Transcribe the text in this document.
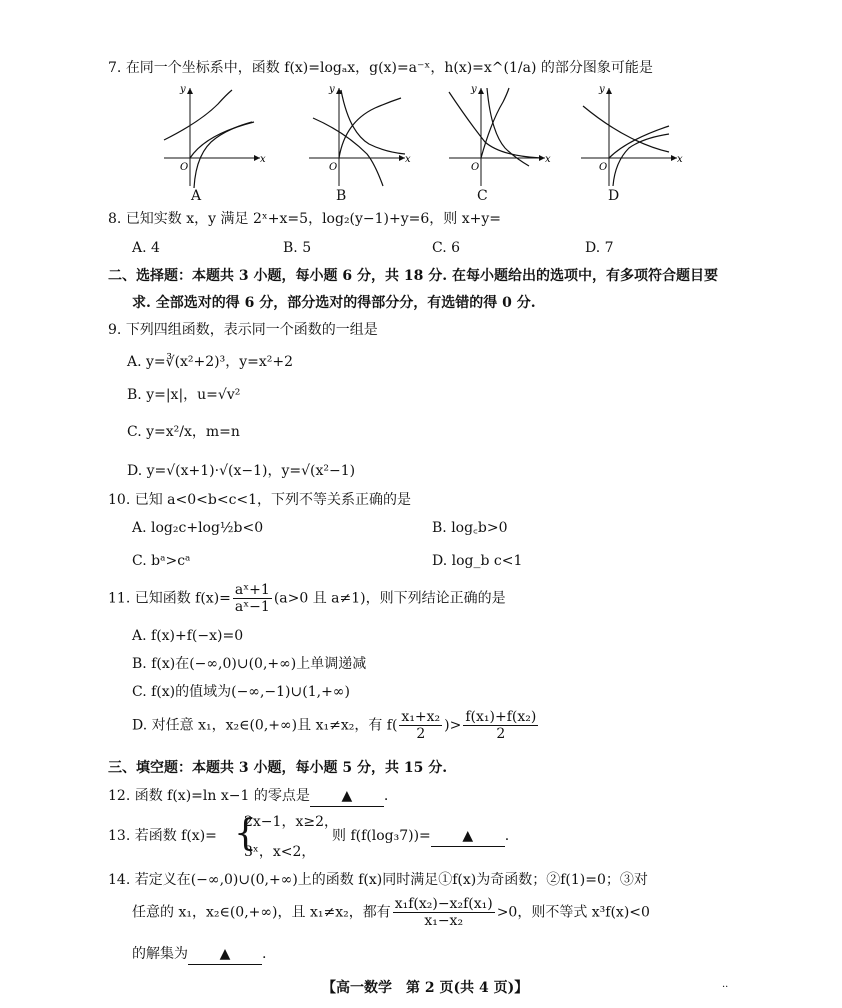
7. 在同一个坐标系中，函数 f(x)=logₐx，g(x)=a⁻ˣ，h(x)=x^(1/a) 的部分图象可能是
y
x
O
A
y
x
O
B
y
x
O
C
y
x
O
D
8. 已知实数 x，y 满足 2ˣ+x=5，log₂(y−1)+y=6，则 x+y=
A. 4	B. 5	C. 6	D. 7
二、选择题：本题共 3 小题，每小题 6 分，共 18 分. 在每小题给出的选项中，有多项符合题目要
求. 全部选对的得 6 分，部分选对的得部分分，有选错的得 0 分.
9. 下列四组函数，表示同一个函数的一组是
A. y=∛(x²+2)³，y=x²+2
B. y=|x|，u=√v²
C. y=x²/x，m=n
D. y=√(x+1)·√(x−1)，y=√(x²−1)
10. 已知 a<0<b<c<1，下列不等关系正确的是
A. log₂c+log½b<0	B. log꜀b>0
C. bᵃ>cᵃ	D. log_b c<1
11. 已知函数 $f(x)= \frac{\text{aˣ+1}}{\text{aˣ−1}} (a>0$ 且 a≠1)，则下列结论正确的是
A. f(x)+f(−x)=0
B. f(x)在(−∞,0)∪(0,+∞)上单调递减
C. f(x)的值域为(−∞,−1)∪(1,+∞)
D. 对任意 x₁，x₂∈(0,+∞)且 x₁≠x₂，有 $f( \frac{\text{x₁+x₂}}{2}$ )> $\frac{\text{f(x₁)+f(x₂)}}{2}$
三、填空题：本题共 3 小题，每小题 5 分，共 15 分.
12. 函数 f(x)=ln x−1 的零点是 ▲ .
13. 若函数 f(x)= {
2x−1，x≥2，
3ˣ，x<2，
则 f(f(log₃7))= ▲ .
14. 若定义在(−∞,0)∪(0,+∞)上的函数 f(x)同时满足①f(x)为奇函数；②f(1)=0；③对
任意的 x₁，x₂∈(0,+∞)，且 x₁≠x₂，都有 $\frac{\text{x₁f(x₂)−x₂f(x₁)}}{\text{x₁−x₂}} >0$，则不等式 x³f(x)<0
的解集为 ▲ .
【高一数学　第 2 页(共 4 页)】	··
